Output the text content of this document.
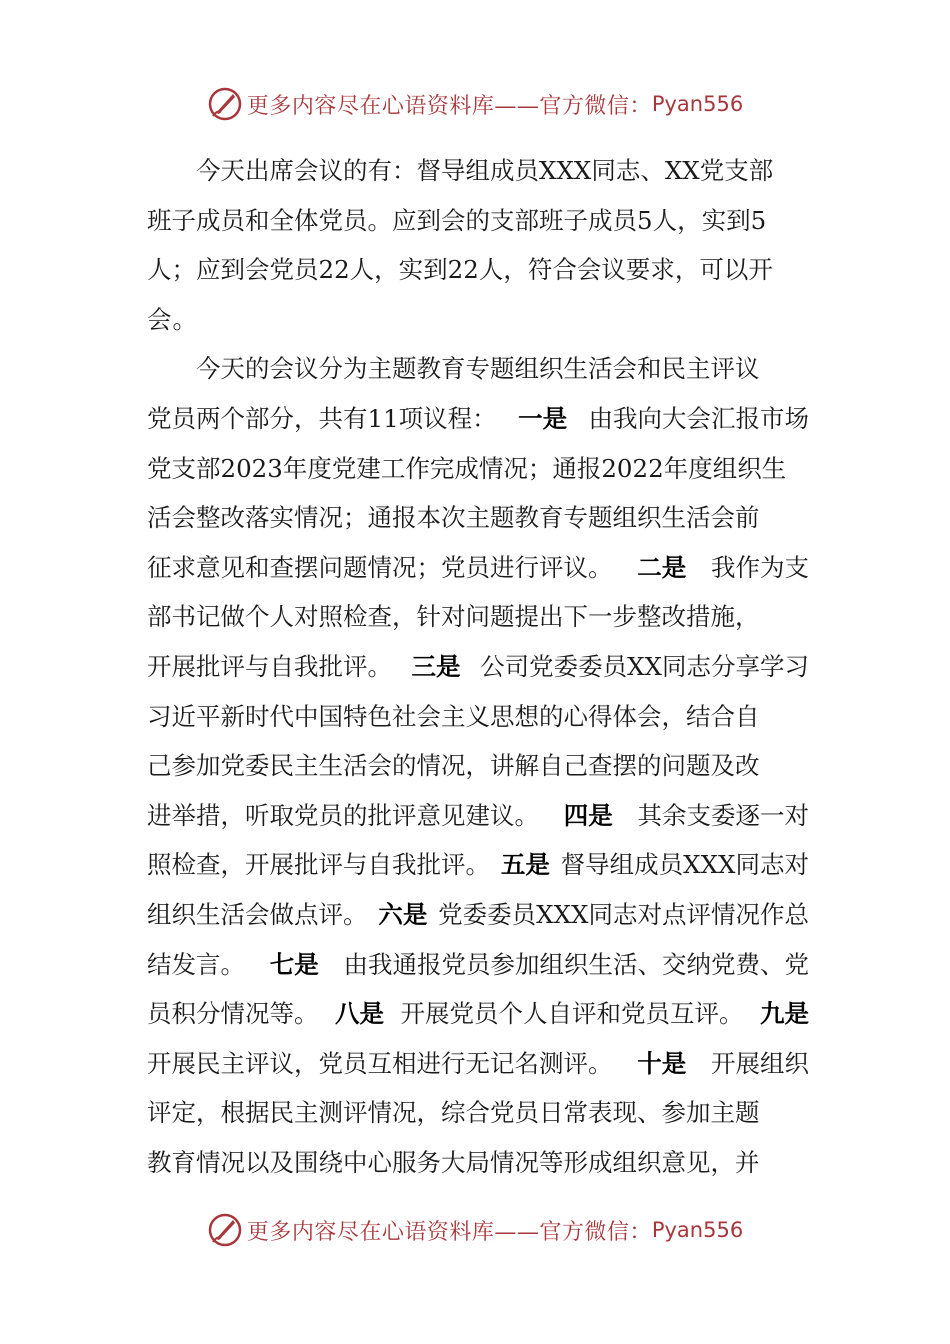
更多内容尽在心语资料库——官方微信： Pyan556
今天出席会议的有：督导组成员XXX同志、XX党支部
班子成员和全体党员。应到会的支部班子成员5人，实到5
人；应到会党员22人，实到22人，符合会议要求，可以开
会。
今天的会议分为主题教育专题组织生活会和民主评议
党员两个部分，共有11项议程： 一是 由我向大会汇报市场
党支部2023年度党建工作完成情况；通报2022年度组织生
活会整改落实情况；通报本次主题教育专题组织生活会前
征求意见和查摆问题情况；党员进行评议。 二是 我作为支
部书记做个人对照检查，针对问题提出下一步整改措施，
开展批评与自我批评。 三是 公司党委委员XX同志分享学习
习近平新时代中国特色社会主义思想的心得体会，结合自
己参加党委民主生活会的情况，讲解自己查摆的问题及改
进举措，听取党员的批评意见建议。 四是 其余支委逐一对
照检查，开展批评与自我批评。 五是 督导组成员XXX同志对
组织生活会做点评。 六是 党委委员XXX同志对点评情况作总
结发言。 七是 由我通报党员参加组织生活、交纳党费、党
员积分情况等。 八是 开展党员个人自评和党员互评。 九是
开展民主评议，党员互相进行无记名测评。 十是 开展组织
评定，根据民主测评情况，综合党员日常表现、参加主题
教育情况以及围绕中心服务大局情况等形成组织意见，并
更多内容尽在心语资料库——官方微信： Pyan556
